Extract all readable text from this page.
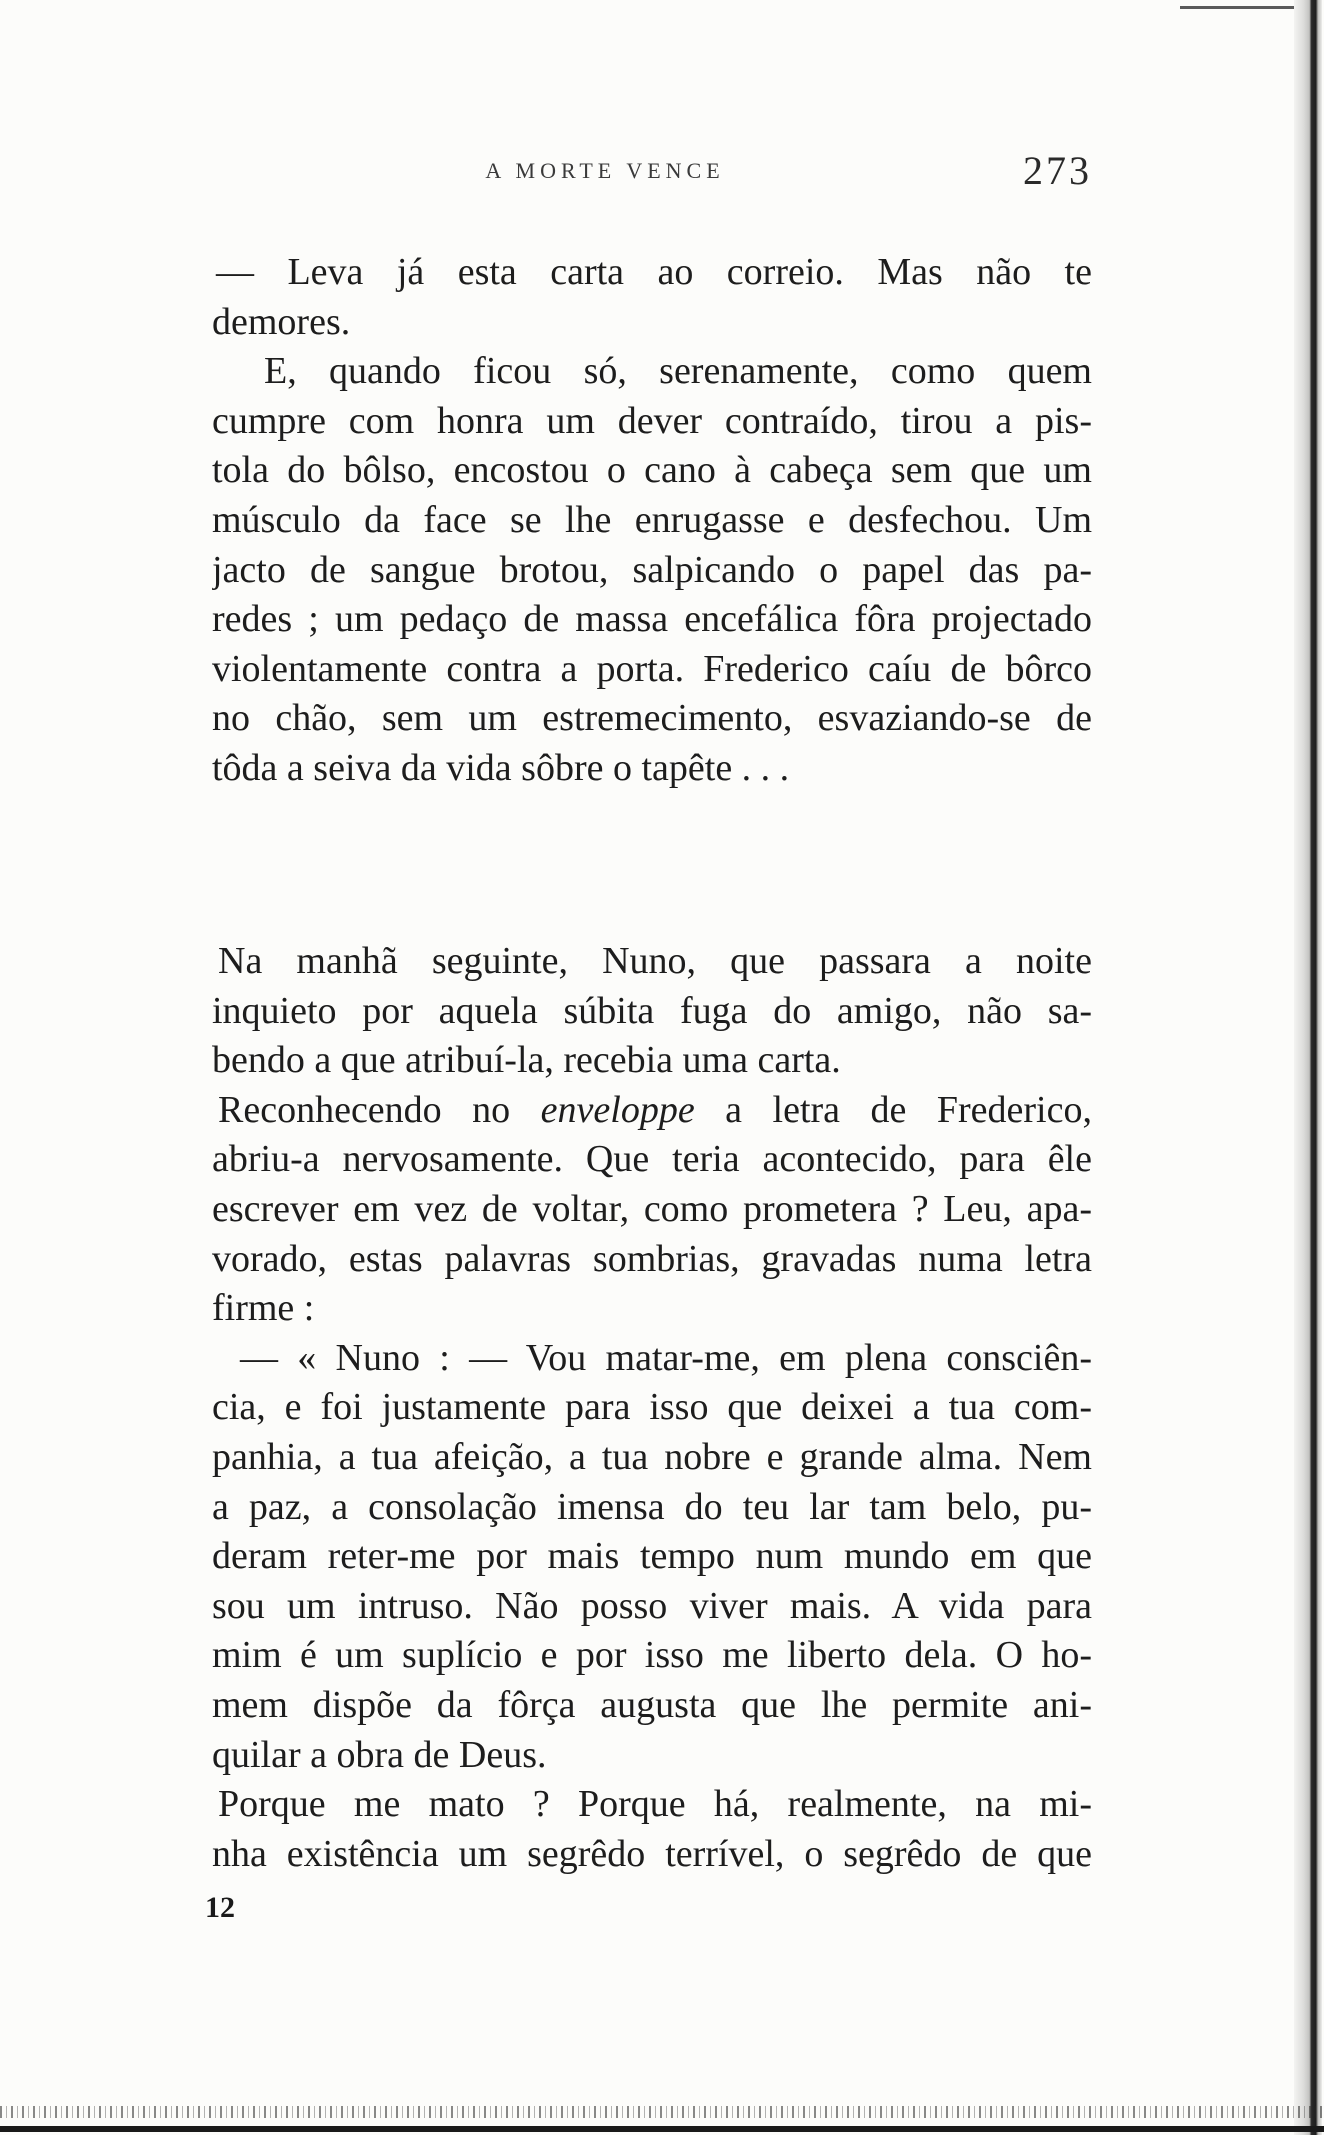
A MORTE VENCE	273
— Leva já esta carta ao correio. Mas não te
demores.
E, quando ficou só, serenamente, como quem
cumpre com honra um dever contraído, tirou a pis-
tola do bôlso, encostou o cano à cabeça sem que um
músculo da face se lhe enrugasse e desfechou. Um
jacto de sangue brotou, salpicando o papel das pa-
redes ; um pedaço de massa encefálica fôra projectado
violentamente contra a porta. Frederico caíu de bôrco
no chão, sem um estremecimento, esvaziando-se de
tôda a seiva da vida sôbre o tapête . . .
Na manhã seguinte, Nuno, que passara a noite
inquieto por aquela súbita fuga do amigo, não sa-
bendo a que atribuí-la, recebia uma carta.
Reconhecendo no enveloppe a letra de Frederico,
abriu-a nervosamente. Que teria acontecido, para êle
escrever em vez de voltar, como prometera ? Leu, apa-
vorado, estas palavras sombrias, gravadas numa letra
firme :
— « Nuno : — Vou matar-me, em plena consciên-
cia, e foi justamente para isso que deixei a tua com-
panhia, a tua afeição, a tua nobre e grande alma. Nem
a paz, a consolação imensa do teu lar tam belo, pu-
deram reter-me por mais tempo num mundo em que
sou um intruso. Não posso viver mais. A vida para
mim é um suplício e por isso me liberto dela. O ho-
mem dispõe da fôrça augusta que lhe permite ani-
quilar a obra de Deus.
Porque me mato ? Porque há, realmente, na mi-
nha existência um segrêdo terrível, o segrêdo de que
12
